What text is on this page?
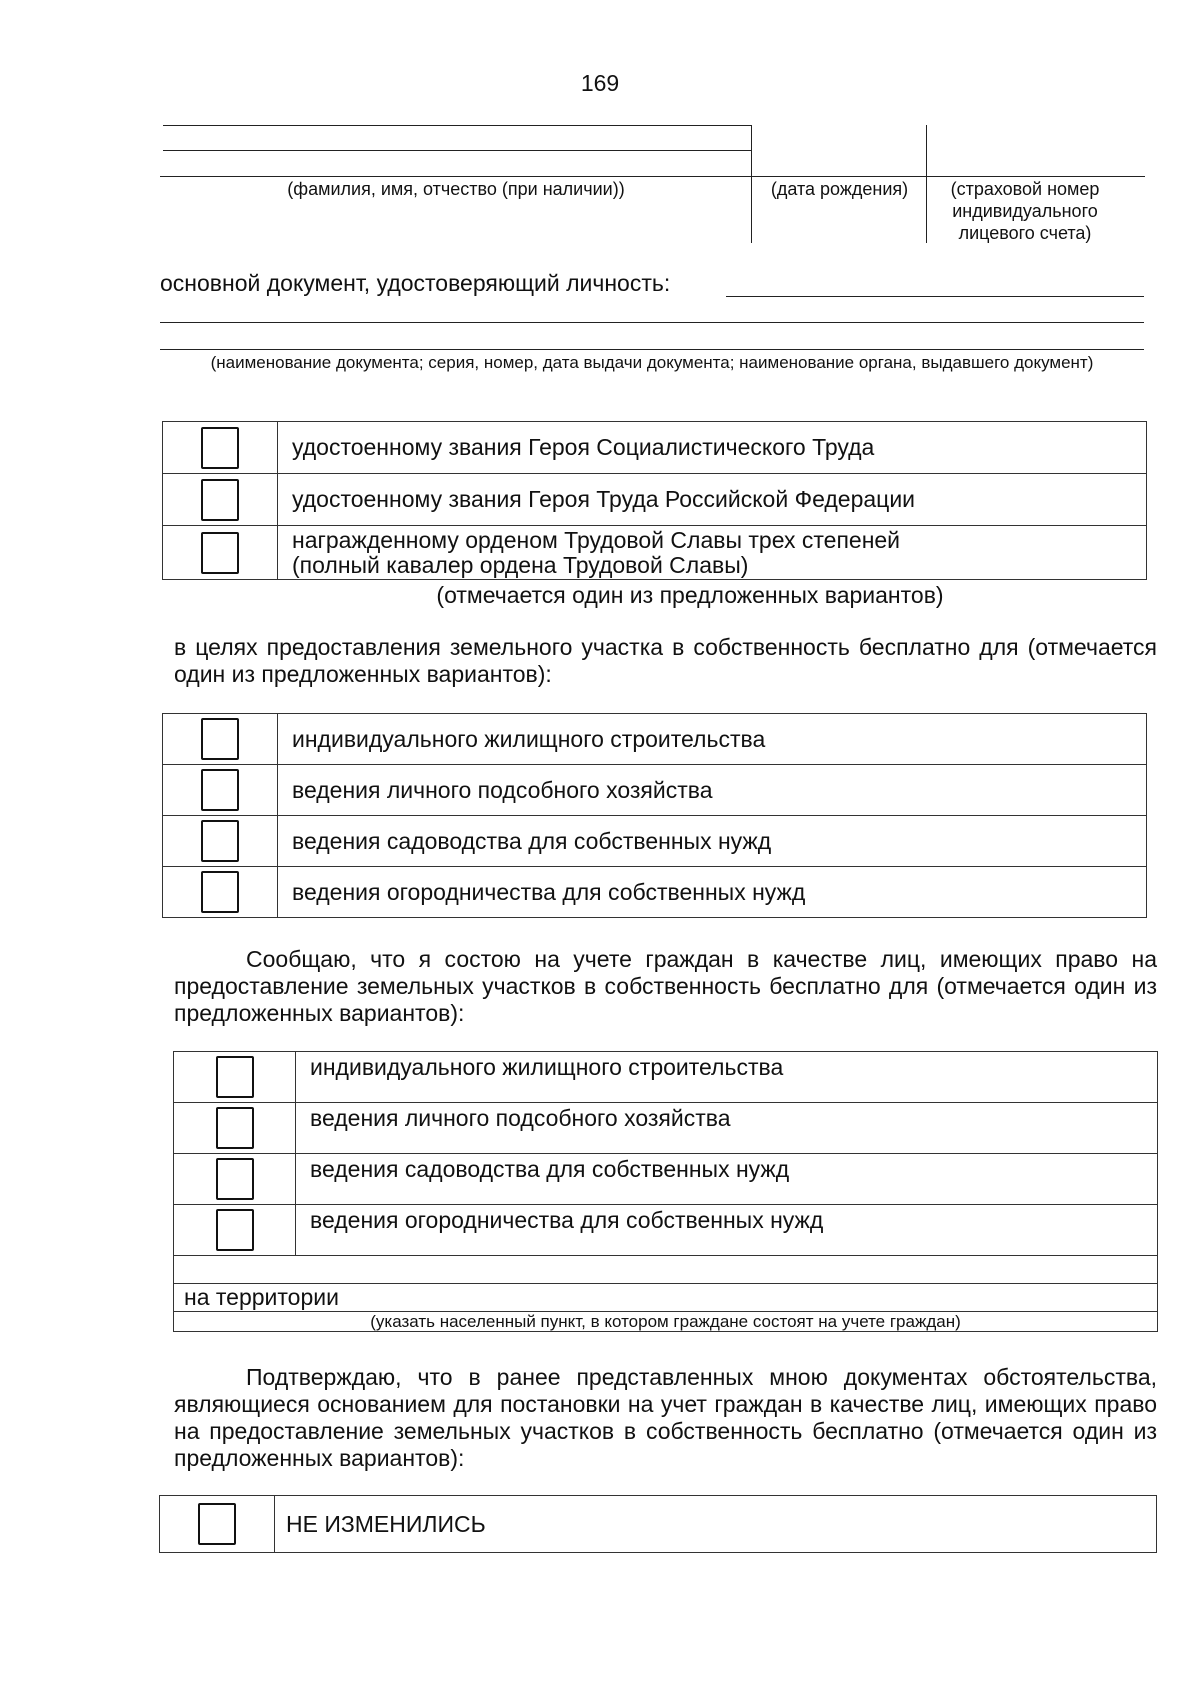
169
(фамилия, имя, отчество (при наличии))	(дата рождения)	(страховой номер индивидуального лицевого счета)
основной документ, удостоверяющий личность:
(наименование документа; серия, номер, дата выдачи документа; наименование органа, выдавшего документ)
	удостоенному звания Героя Социалистического Труда
	удостоенному звания Героя Труда Российской Федерации
	награжденному орденом Трудовой Славы трех степеней (полный кавалер ордена Трудовой Славы)
(отмечается один из предложенных вариантов)
в целях предоставления земельного участка в собственность бесплатно для (отмечается один из предложенных вариантов):
	индивидуального жилищного строительства
	ведения личного подсобного хозяйства
	ведения садоводства для собственных нужд
	ведения огородничества для собственных нужд
Сообщаю, что я состою на учете граждан в качестве лиц, имеющих право на предоставление земельных участков в собственность бесплатно для (отмечается один из предложенных вариантов):
	индивидуального жилищного строительства
	ведения личного подсобного хозяйства
	ведения садоводства для собственных нужд
	ведения огородничества для собственных нужд

на территории	
(указать населенный пункт, в котором граждане состоят на учете граждан)	
Подтверждаю, что в ранее представленных мною документах обстоятельства, являющиеся основанием для постановки на учет граждан в качестве лиц, имеющих право на предоставление земельных участков в собственность бесплатно (отмечается один из предложенных вариантов):
	НЕ ИЗМЕНИЛИСЬ
